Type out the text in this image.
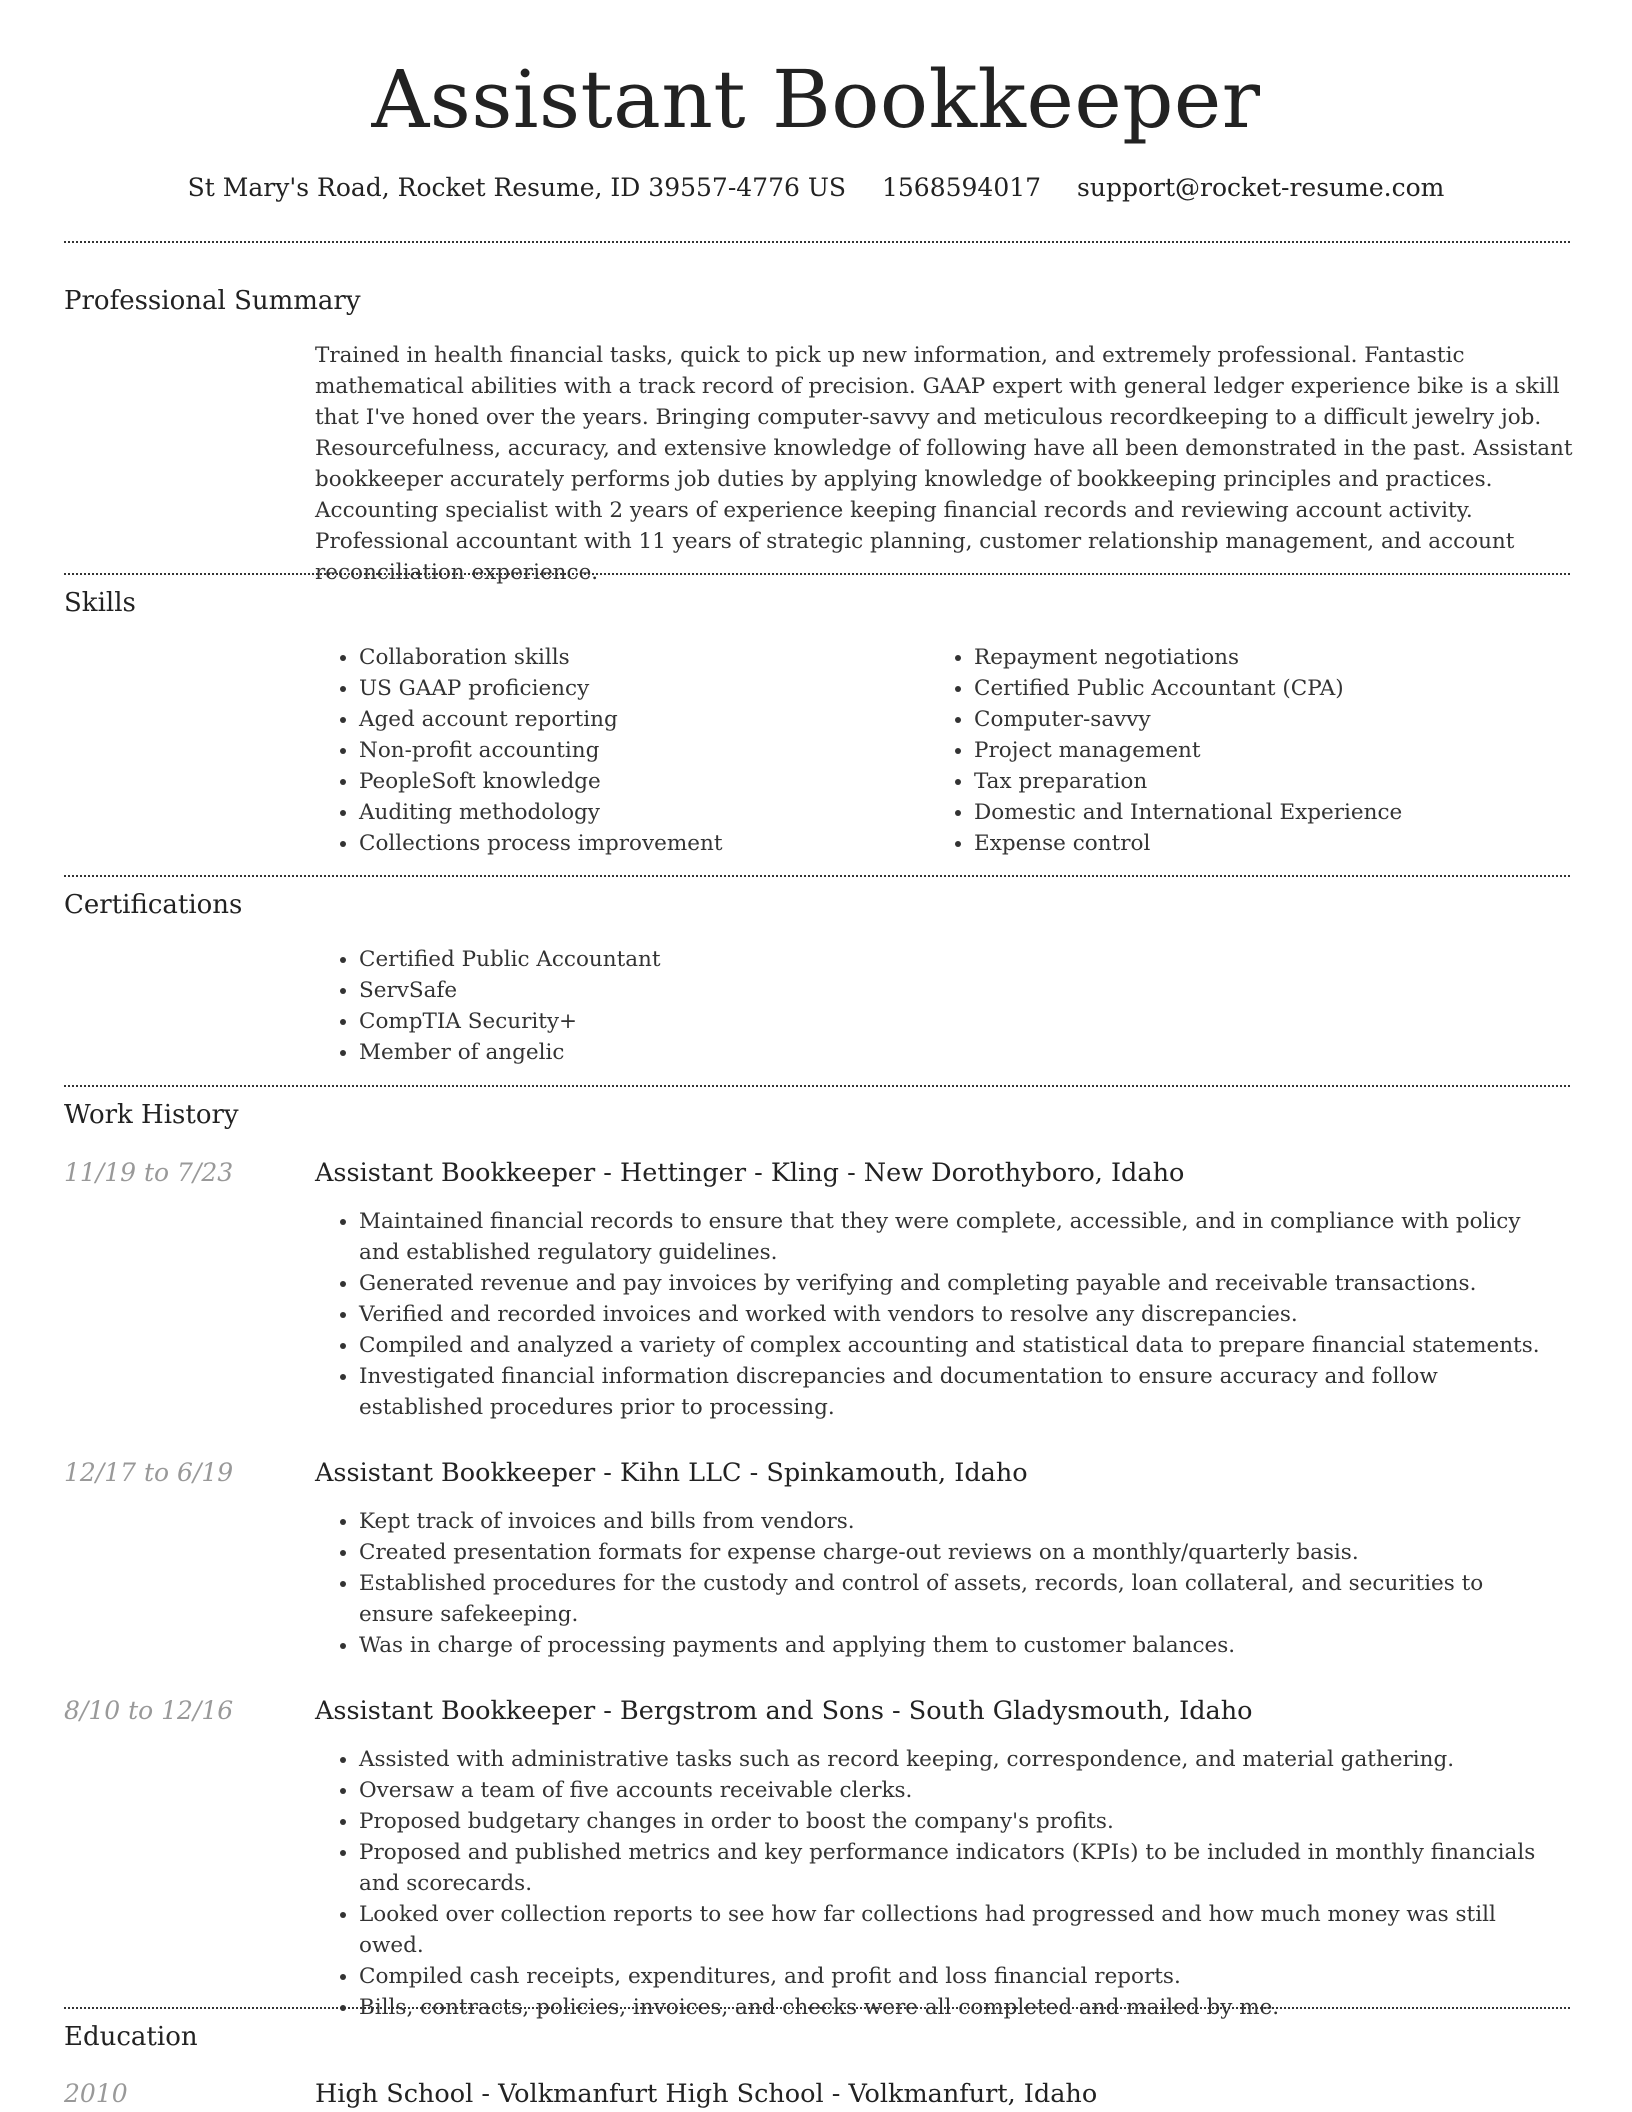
Assistant Bookkeeper
St Mary's Road, Rocket Resume, ID 39557-4776 US 1568594017 support@rocket-resume.com
Professional Summary
Trained in health financial tasks, quick to pick up new information, and extremely professional. Fantastic mathematical abilities with a track record of precision. GAAP expert with general ledger experience bike is a skill that I've honed over the years. Bringing computer-savvy and meticulous recordkeeping to a difficult jewelry job. Resourcefulness, accuracy, and extensive knowledge of following have all been demonstrated in the past. Assistant bookkeeper accurately performs job duties by applying knowledge of bookkeeping principles and practices. Accounting specialist with 2 years of experience keeping financial records and reviewing account activity. Professional accountant with 11 years of strategic planning, customer relationship management, and account reconciliation experience.
Skills
• Collaboration skills
• US GAAP proficiency
• Aged account reporting
• Non-profit accounting
• PeopleSoft knowledge
• Auditing methodology
• Collections process improvement
• Repayment negotiations
• Certified Public Accountant (CPA)
• Computer-savvy
• Project management
• Tax preparation
• Domestic and International Experience
• Expense control
Certifications
• Certified Public Accountant
• ServSafe
• CompTIA Security+
• Member of angelic
Work History
11/19 to 7/23	Assistant Bookkeeper - Hettinger - Kling - New Dorothyboro, Idaho
• Maintained financial records to ensure that they were complete, accessible, and in compliance with policy and established regulatory guidelines.
• Generated revenue and pay invoices by verifying and completing payable and receivable transactions.
• Verified and recorded invoices and worked with vendors to resolve any discrepancies.
• Compiled and analyzed a variety of complex accounting and statistical data to prepare financial statements.
• Investigated financial information discrepancies and documentation to ensure accuracy and follow established procedures prior to processing.
12/17 to 6/19	Assistant Bookkeeper - Kihn LLC - Spinkamouth, Idaho
• Kept track of invoices and bills from vendors.
• Created presentation formats for expense charge-out reviews on a monthly/quarterly basis.
• Established procedures for the custody and control of assets, records, loan collateral, and securities to ensure safekeeping.
• Was in charge of processing payments and applying them to customer balances.
8/10 to 12/16	Assistant Bookkeeper - Bergstrom and Sons - South Gladysmouth, Idaho
• Assisted with administrative tasks such as record keeping, correspondence, and material gathering.
• Oversaw a team of five accounts receivable clerks.
• Proposed budgetary changes in order to boost the company's profits.
• Proposed and published metrics and key performance indicators (KPIs) to be included in monthly financials and scorecards.
• Looked over collection reports to see how far collections had progressed and how much money was still owed.
• Compiled cash receipts, expenditures, and profit and loss financial reports.
• Bills, contracts, policies, invoices, and checks were all completed and mailed by me.
Education
2010	High School - Volkmanfurt High School - Volkmanfurt, Idaho
